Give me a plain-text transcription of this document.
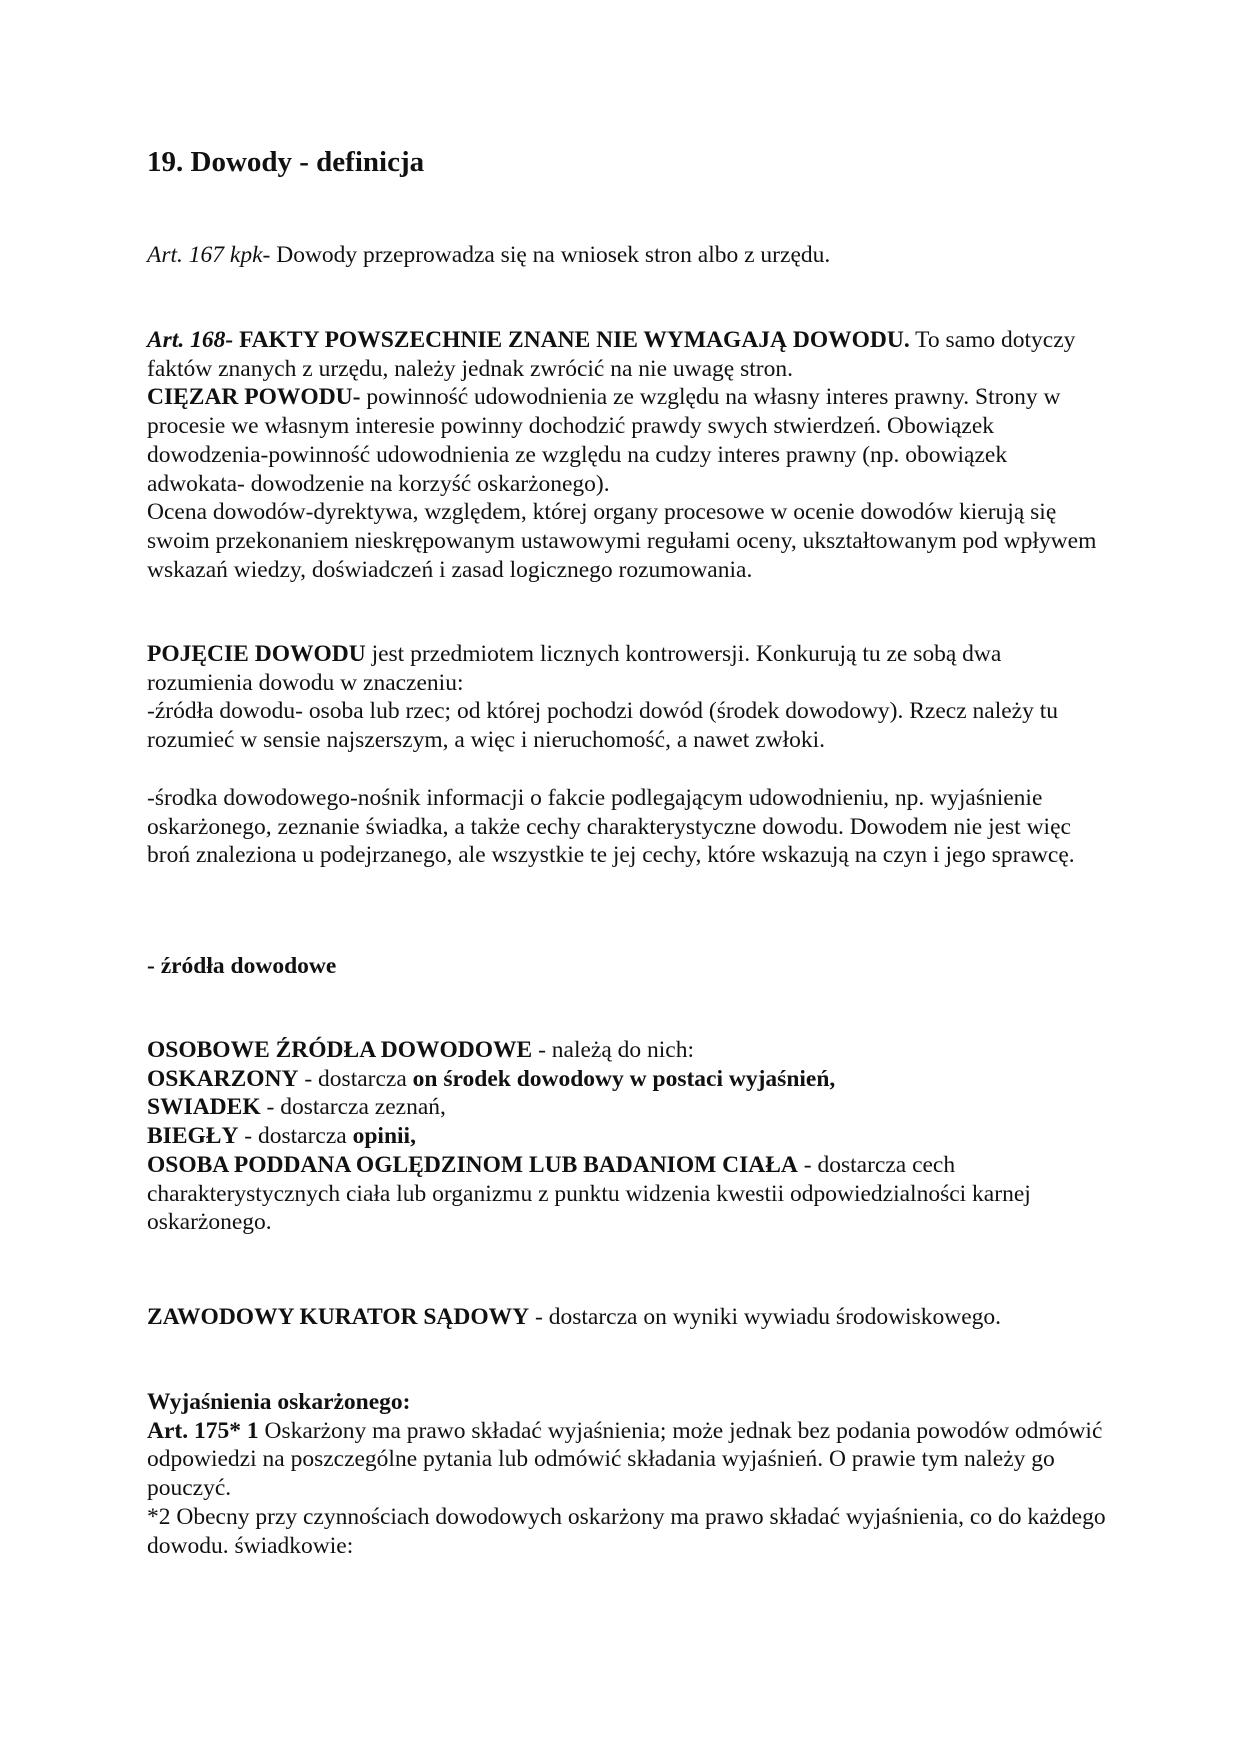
19. Dowody - definicja

Art. 167 kpk- Dowody przeprowadza się na wniosek stron albo z urzędu.

Art. 168- FAKTY POWSZECHNIE ZNANE NIE WYMAGAJĄ DOWODU. To samo dotyczy faktów znanych z urzędu, należy jednak zwrócić na nie uwagę stron.

CIĘZAR POWODU- powinność udowodnienia ze względu na własny interes prawny. Strony w procesie we własnym interesie powinny dochodzić prawdy swych stwierdzeń. Obowiązek dowodzenia-powinność udowodnienia ze względu na cudzy interes prawny (np. obowiązek adwokata- dowodzenie na korzyść oskarżonego).

Ocena dowodów-dyrektywa, względem, której organy procesowe w ocenie dowodów kierują się swoim przekonaniem nieskrępowanym ustawowymi regułami oceny, ukształtowanym pod wpływem wskazań wiedzy, doświadczeń i zasad logicznego rozumowania.

POJĘCIE DOWODU jest przedmiotem licznych kontrowersji. Konkurują tu ze sobą dwa rozumienia dowodu w znaczeniu:

-źródła dowodu- osoba lub rzec; od której pochodzi dowód (środek dowodowy). Rzecz należy tu rozumieć w sensie najszerszym, a więc i nieruchomość, a nawet zwłoki.

-środka dowodowego-nośnik informacji o fakcie podlegającym udowodnieniu, np. wyjaśnienie oskarżonego, zeznanie świadka, a także cechy charakterystyczne dowodu. Dowodem nie jest więc broń znaleziona u podejrzanego, ale wszystkie te jej cechy, które wskazują na czyn i jego sprawcę.

- źródła dowodowe

OSOBOWE ŹRÓDŁA DOWODOWE - należą do nich:

OSKARZONY - dostarcza on środek dowodowy w postaci wyjaśnień,

SWIADEK - dostarcza zeznań,

BIEGŁY - dostarcza opinii,

OSOBA PODDANA OGLĘDZINOM LUB BADANIOM CIAŁA - dostarcza cech charakterystycznych ciała lub organizmu z punktu widzenia kwestii odpowiedzialności karnej oskarżonego.

ZAWODOWY KURATOR SĄDOWY - dostarcza on wyniki wywiadu środowiskowego.

Wyjaśnienia oskarżonego:

Art. 175* 1 Oskarżony ma prawo składać wyjaśnienia; może jednak bez podania powodów odmówić odpowiedzi na poszczególne pytania lub odmówić składania wyjaśnień. O prawie tym należy go pouczyć.

*2 Obecny przy czynnościach dowodowych oskarżony ma prawo składać wyjaśnienia, co do każdego dowodu. świadkowie:
